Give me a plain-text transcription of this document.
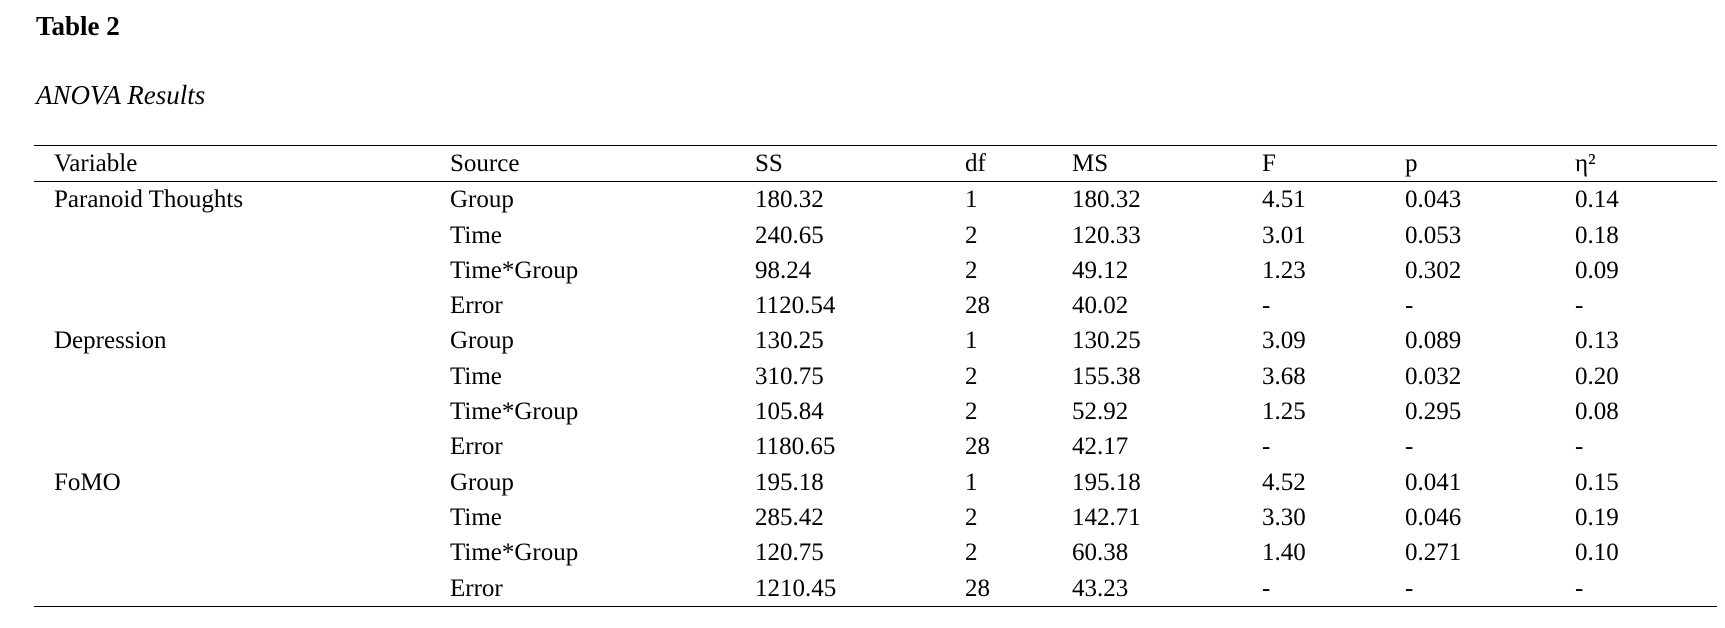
Table 2
ANOVA Results
Variable	Source	SS	df	MS	F	p	η²
Paranoid Thoughts	Group	180.32	1	180.32	4.51	0.043	0.14
	Time	240.65	2	120.33	3.01	0.053	0.18
	Time*Group	98.24	2	49.12	1.23	0.302	0.09
	Error	1120.54	28	40.02	-	-	-
Depression	Group	130.25	1	130.25	3.09	0.089	0.13
	Time	310.75	2	155.38	3.68	0.032	0.20
	Time*Group	105.84	2	52.92	1.25	0.295	0.08
	Error	1180.65	28	42.17	-	-	-
FoMO	Group	195.18	1	195.18	4.52	0.041	0.15
	Time	285.42	2	142.71	3.30	0.046	0.19
	Time*Group	120.75	2	60.38	1.40	0.271	0.10
	Error	1210.45	28	43.23	-	-	-
